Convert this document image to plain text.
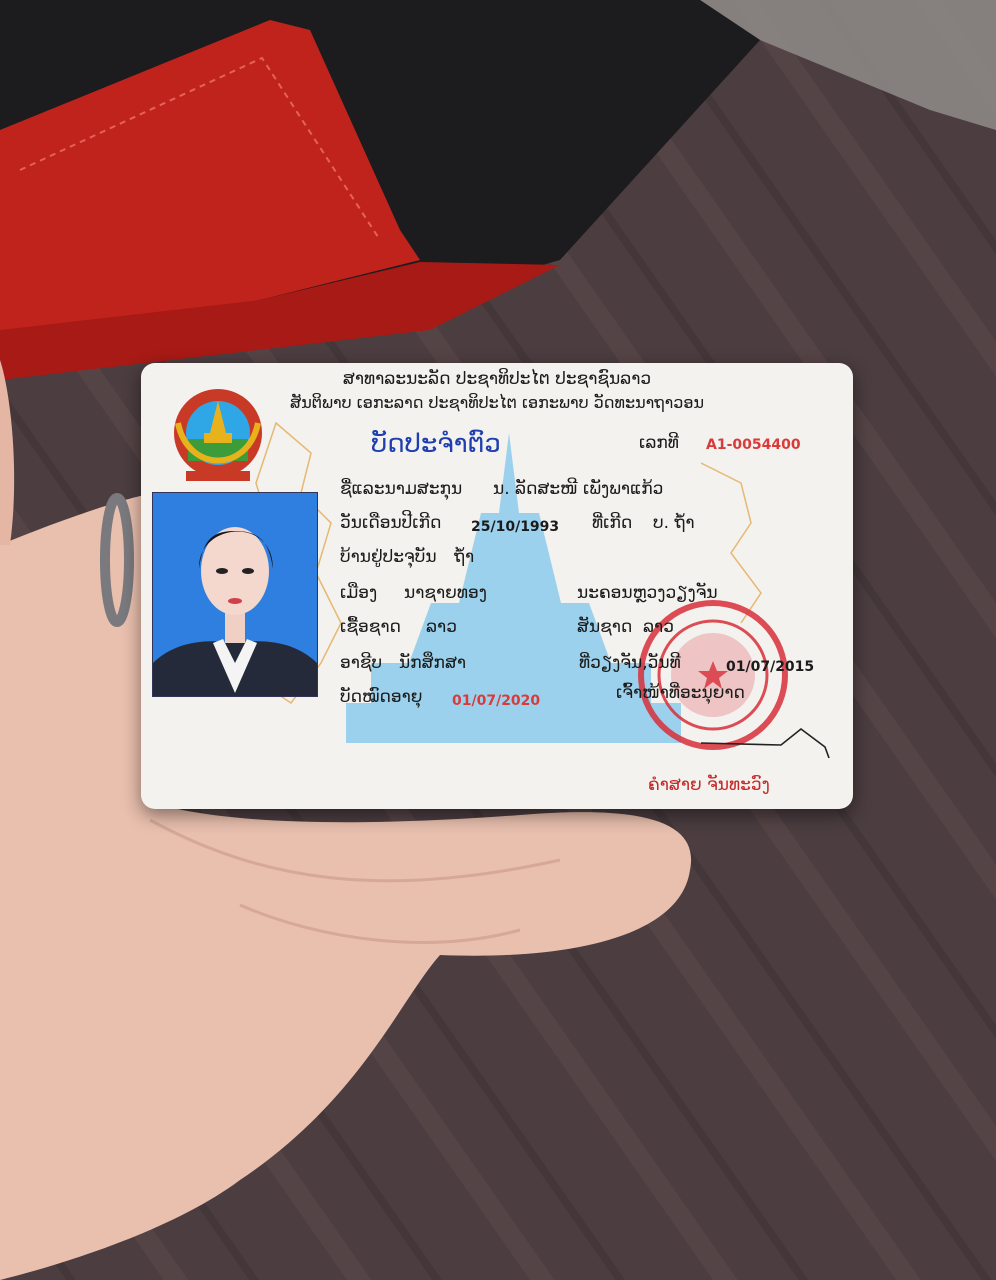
ສາທາລະນະລັດ ປະຊາທິປະໄຕ ປະຊາຊົນລາວ
ສັນຕິພາບ ເອກະລາດ ປະຊາທິປະໄຕ ເອກະພາບ ວັດທະນາຖາວອນ
ບັດປະຈຳຕົວ	ເລກທີ A1-0054400
ຊື່ແລະນາມສະກຸນ ນ. ລັດສະໜີ ເພັງພາແກ້ວ
ວັນເດືອນປີເກີດ 25/10/1993 ທີ່ເກີດ ບ. ຖ້ຳ
ບ້ານຢູ່ປະຈຸບັນ ຖ້ຳ
ເມືອງ ນາຊາຍທອງ	ນະຄອນຫຼວງວຽງຈັນ
ເຊື້ອຊາດ ລາວ	ສັນຊາດ ລາວ
ອາຊີບ ນັກສຶກສາ	ທີ່ວຽງຈັນ,ວັນທີ	01/07/2015
ບັດໝົດອາຍຸ 01/07/2020	ເຈົ້າໜ້າທີ່ອະນຸຍາດ
ຄຳສາຍ ຈັນທະວົງ
